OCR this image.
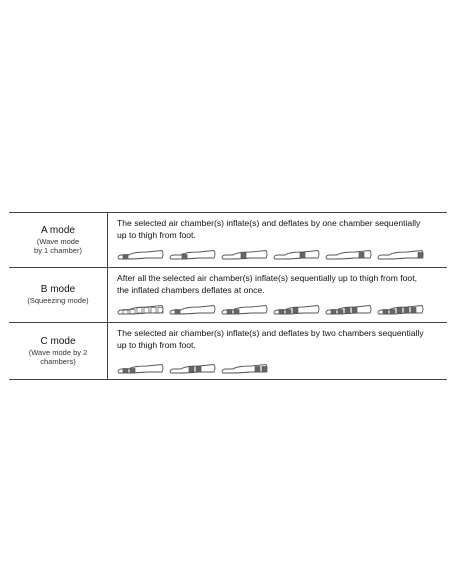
A mode
(Wave mode
by 1 chamber)
The selected air chamber(s) inflate(s) and deflates by one chamber sequentially
up to thigh from foot.
B mode
(Squeezing mode)
After all the selected air chamber(s) inflate(s) sequentially up to thigh from foot,
the inflated chambers deflates at once.
C mode
(Wave mode by 2
chambers)
The selected air chamber(s) inflate(s) and deflates by two chambers sequentially
up to thigh from foot.
